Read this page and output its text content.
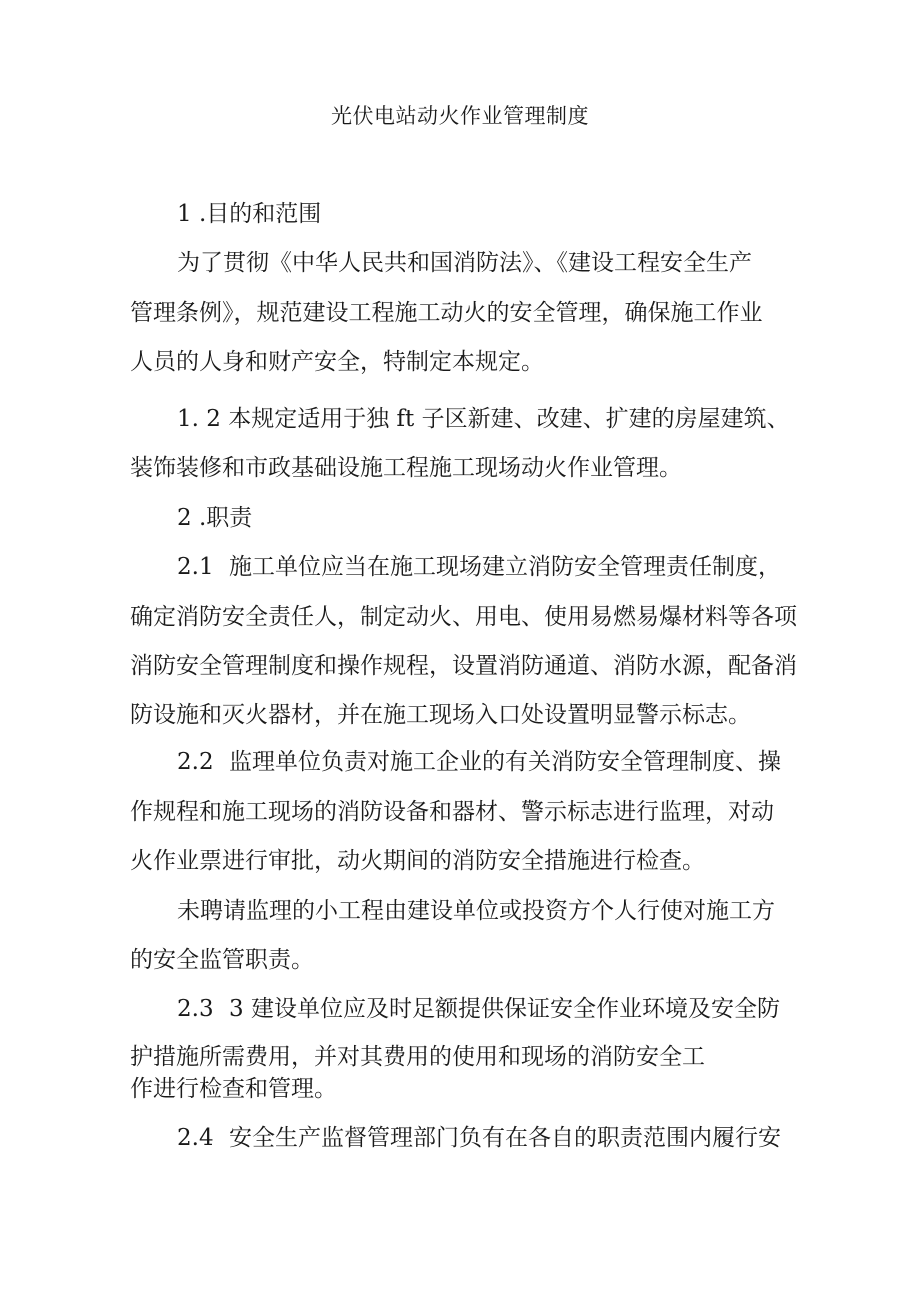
光伏电站动火作业管理制度
1 .目的和范围
为了贯彻《中华人民共和国消防法》、《建设工程安全生产
管理条例》，规范建设工程施工动火的安全管理，确保施工作业
人员的人身和财产安全，特制定本规定。
1. 2 本规定适用于独 ft 子区新建、改建、扩建的房屋建筑、
装饰装修和市政基础设施工程施工现场动火作业管理。
2 .职责
2.1 施工单位应当在施工现场建立消防安全管理责任制度，
确定消防安全责任人，制定动火、用电、使用易燃易爆材料等各项
消防安全管理制度和操作规程，设置消防通道、消防水源，配备消
防设施和灭火器材，并在施工现场入口处设置明显警示标志。
2.2 监理单位负责对施工企业的有关消防安全管理制度、操
作规程和施工现场的消防设备和器材、警示标志进行监理，对动
火作业票进行审批，动火期间的消防安全措施进行检查。
未聘请监理的小工程由建设单位或投资方个人行使对施工方
的安全监管职责。
2.3 3 建设单位应及时足额提供保证安全作业环境及安全防
护措施所需费用，并对其费用的使用和现场的消防安全工
作进行检查和管理。
2.4 安全生产监督管理部门负有在各自的职责范围内履行安
